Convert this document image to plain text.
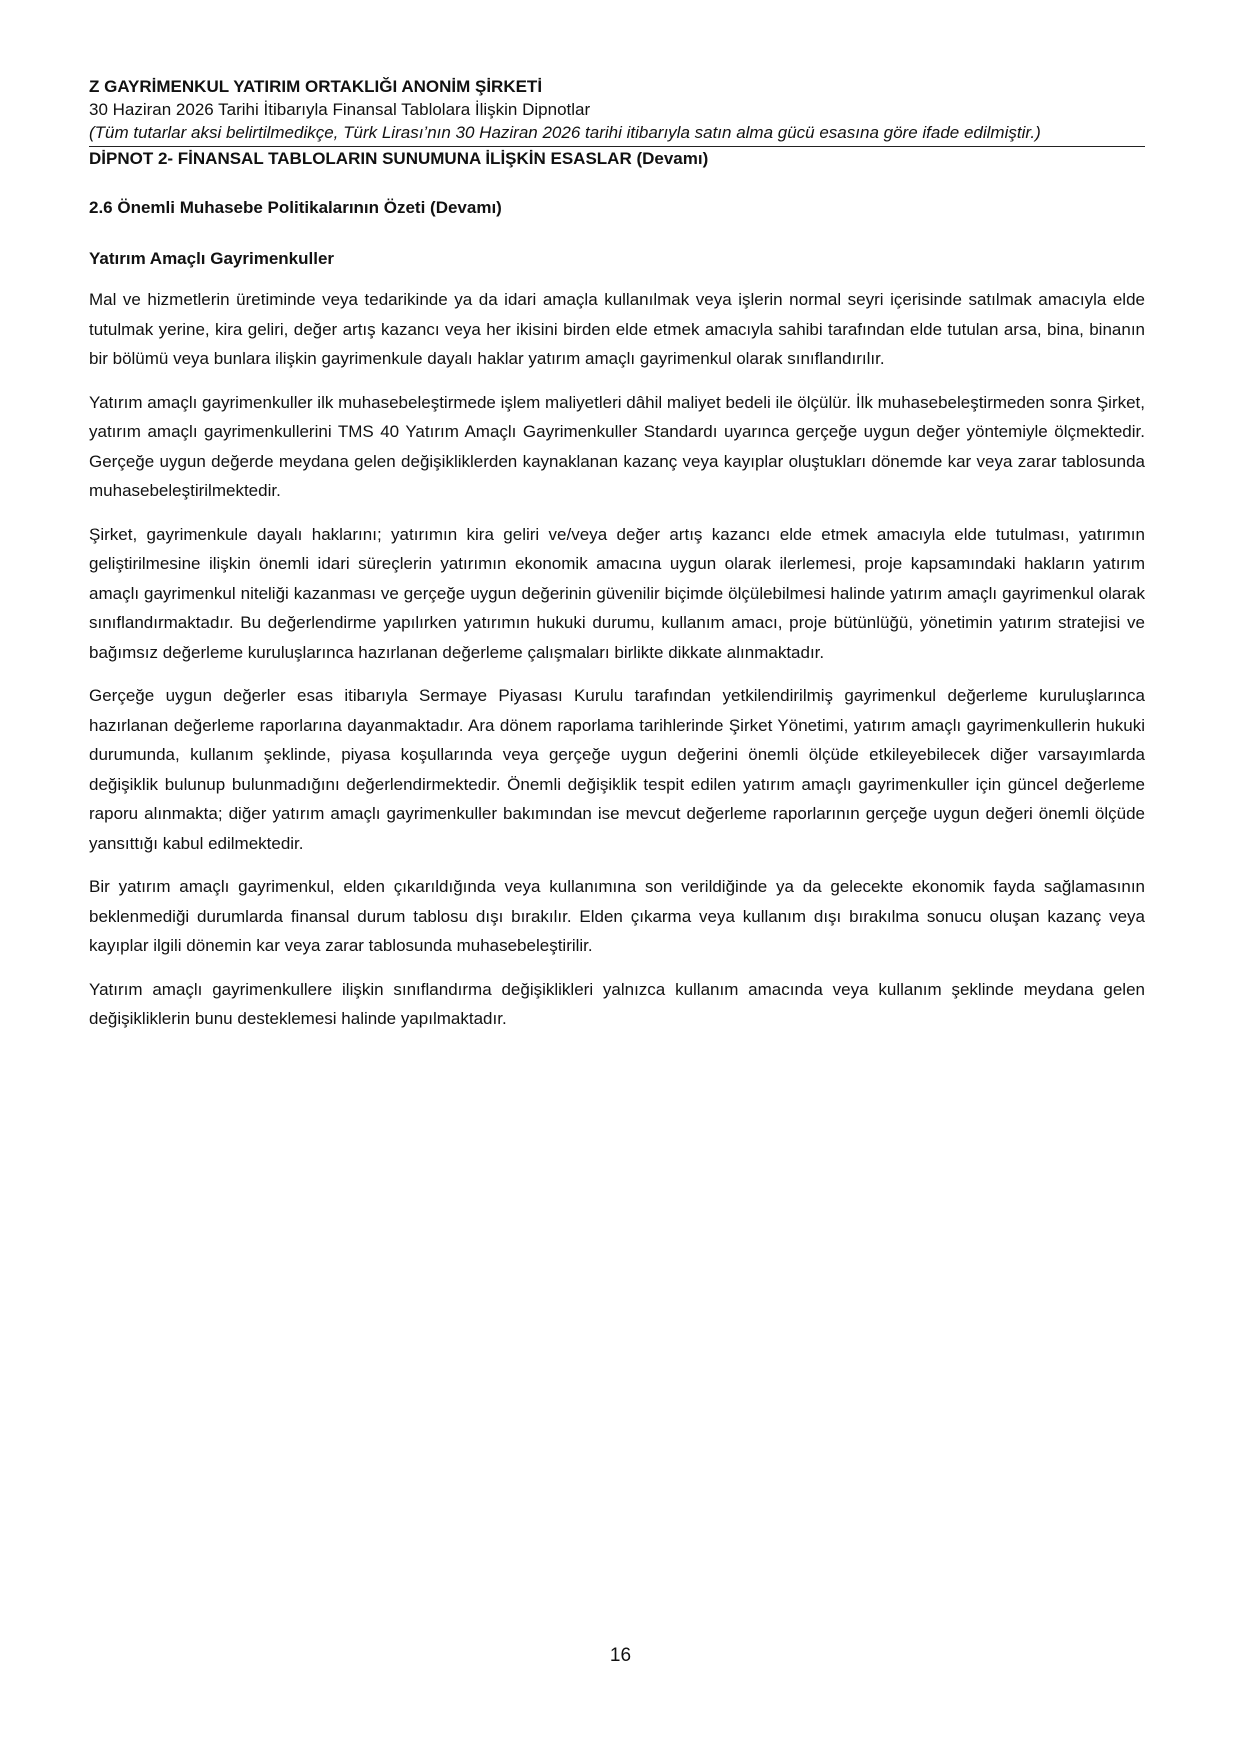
Z GAYRİMENKUL YATIRIM ORTAKLIĞI ANONİM ŞİRKETİ

30 Haziran 2026 Tarihi İtibarıyla Finansal Tablolara İlişkin Dipnotlar

(Tüm tutarlar aksi belirtilmedikçe, Türk Lirası’nın 30 Haziran 2026 tarihi itibarıyla satın alma gücü esasına göre ifade edilmiştir.)

DİPNOT 2- FİNANSAL TABLOLARIN SUNUMUNA İLİŞKİN ESASLAR (Devamı)

2.6 Önemli Muhasebe Politikalarının Özeti (Devamı)

Yatırım Amaçlı Gayrimenkuller

Mal ve hizmetlerin üretiminde veya tedarikinde ya da idari amaçla kullanılmak veya işlerin normal seyri içerisinde satılmak amacıyla elde tutulmak yerine, kira geliri, değer artış kazancı veya her ikisini birden elde etmek amacıyla sahibi tarafından elde tutulan arsa, bina, binanın bir bölümü veya bunlara ilişkin gayrimenkule dayalı haklar yatırım amaçlı gayrimenkul olarak sınıflandırılır.

Yatırım amaçlı gayrimenkuller ilk muhasebeleştirmede işlem maliyetleri dâhil maliyet bedeli ile ölçülür. İlk muhasebeleştirmeden sonra Şirket, yatırım amaçlı gayrimenkullerini TMS 40 Yatırım Amaçlı Gayrimenkuller Standardı uyarınca gerçeğe uygun değer yöntemiyle ölçmektedir. Gerçeğe uygun değerde meydana gelen değişikliklerden kaynaklanan kazanç veya kayıplar oluştukları dönemde kar veya zarar tablosunda muhasebeleştirilmektedir.

Şirket, gayrimenkule dayalı haklarını; yatırımın kira geliri ve/veya değer artış kazancı elde etmek amacıyla elde tutulması, yatırımın geliştirilmesine ilişkin önemli idari süreçlerin yatırımın ekonomik amacına uygun olarak ilerlemesi, proje kapsamındaki hakların yatırım amaçlı gayrimenkul niteliği kazanması ve gerçeğe uygun değerinin güvenilir biçimde ölçülebilmesi halinde yatırım amaçlı gayrimenkul olarak sınıflandırmaktadır. Bu değerlendirme yapılırken yatırımın hukuki durumu, kullanım amacı, proje bütünlüğü, yönetimin yatırım stratejisi ve bağımsız değerleme kuruluşlarınca hazırlanan değerleme çalışmaları birlikte dikkate alınmaktadır.

Gerçeğe uygun değerler esas itibarıyla Sermaye Piyasası Kurulu tarafından yetkilendirilmiş gayrimenkul değerleme kuruluşlarınca hazırlanan değerleme raporlarına dayanmaktadır. Ara dönem raporlama tarihlerinde Şirket Yönetimi, yatırım amaçlı gayrimenkullerin hukuki durumunda, kullanım şeklinde, piyasa koşullarında veya gerçeğe uygun değerini önemli ölçüde etkileyebilecek diğer varsayımlarda değişiklik bulunup bulunmadığını değerlendirmektedir. Önemli değişiklik tespit edilen yatırım amaçlı gayrimenkuller için güncel değerleme raporu alınmakta; diğer yatırım amaçlı gayrimenkuller bakımından ise mevcut değerleme raporlarının gerçeğe uygun değeri önemli ölçüde yansıttığı kabul edilmektedir.

Bir yatırım amaçlı gayrimenkul, elden çıkarıldığında veya kullanımına son verildiğinde ya da gelecekte ekonomik fayda sağlamasının beklenmediği durumlarda finansal durum tablosu dışı bırakılır. Elden çıkarma veya kullanım dışı bırakılma sonucu oluşan kazanç veya kayıplar ilgili dönemin kar veya zarar tablosunda muhasebeleştirilir.

Yatırım amaçlı gayrimenkullere ilişkin sınıflandırma değişiklikleri yalnızca kullanım amacında veya kullanım şeklinde meydana gelen değişikliklerin bunu desteklemesi halinde yapılmaktadır.

16
